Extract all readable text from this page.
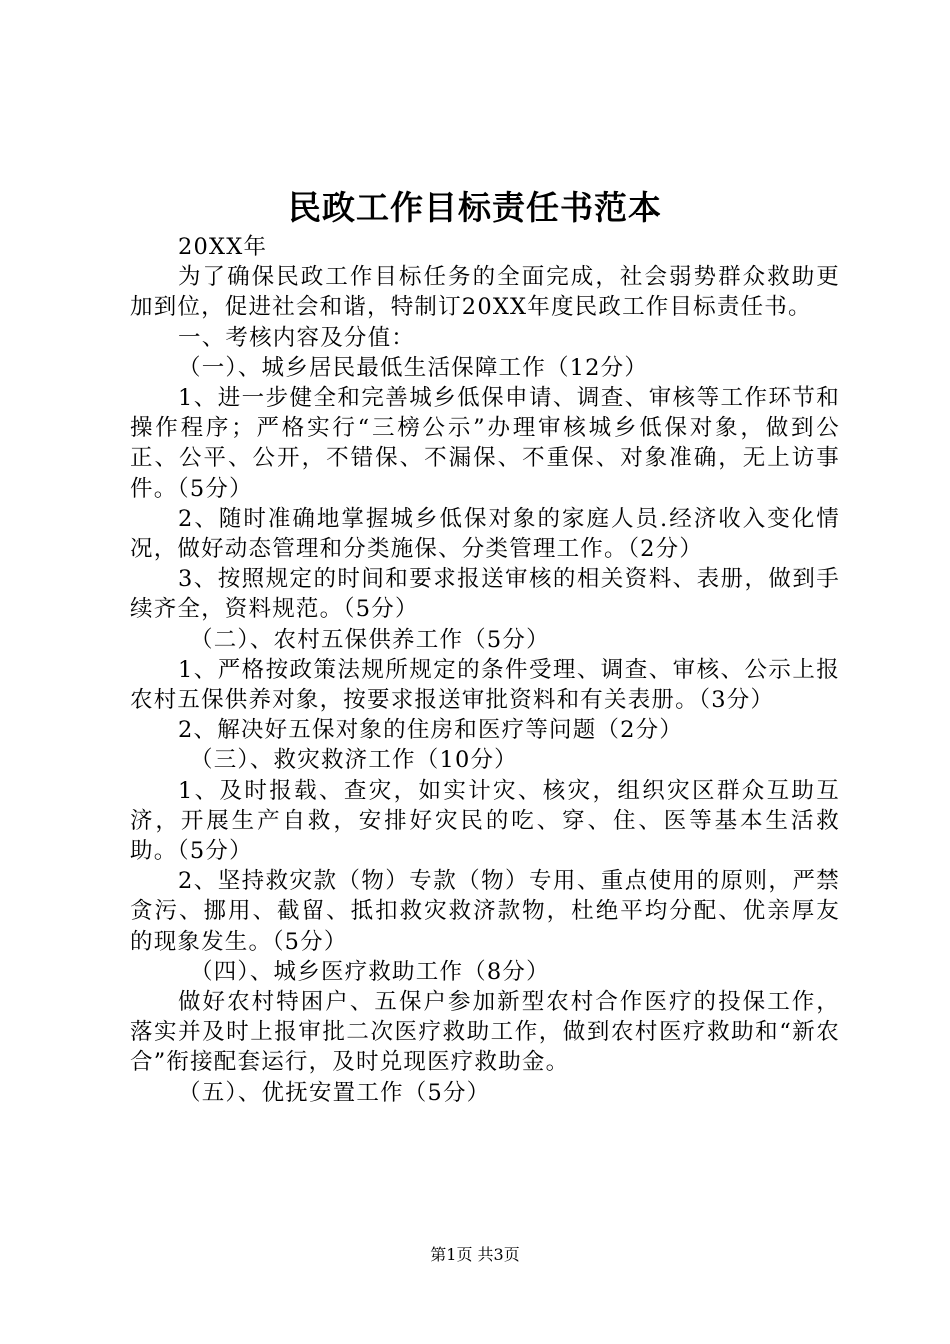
民政工作目标责任书范本

20XX年

为了确保民政工作目标任务的全面完成，社会弱势群众救助更加到位，促进社会和谐，特制订20XX年度民政工作目标责任书。

一、考核内容及分值：

（一）、城乡居民最低生活保障工作（12分）

1、进一步健全和完善城乡低保申请、调查、审核等工作环节和操作程序；严格实行“三榜公示”办理审核城乡低保对象，做到公正、公平、公开，不错保、不漏保、不重保、对象准确，无上访事件。（5分）

2、随时准确地掌握城乡低保对象的家庭人员.经济收入变化情况，做好动态管理和分类施保、分类管理工作。（2分）

3、按照规定的时间和要求报送审核的相关资料、表册，做到手续齐全，资料规范。（5分）

（二）、农村五保供养工作（5分）

1、严格按政策法规所规定的条件受理、调查、审核、公示上报农村五保供养对象，按要求报送审批资料和有关表册。（3分）

2、解决好五保对象的住房和医疗等问题（2分）

（三）、救灾救济工作（10分）

1、及时报载、查灾，如实计灾、核灾，组织灾区群众互助互济，开展生产自救，安排好灾民的吃、穿、住、医等基本生活救助。（5分）

2、坚持救灾款（物）专款（物）专用、重点使用的原则，严禁贪污、挪用、截留、抵扣救灾救济款物，杜绝平均分配、优亲厚友的现象发生。（5分）

（四）、城乡医疗救助工作（8分）

做好农村特困户、五保户参加新型农村合作医疗的投保工作，落实并及时上报审批二次医疗救助工作，做到农村医疗救助和“新农合”衔接配套运行，及时兑现医疗救助金。

（五）、优抚安置工作（5分）

第1页 共3页
